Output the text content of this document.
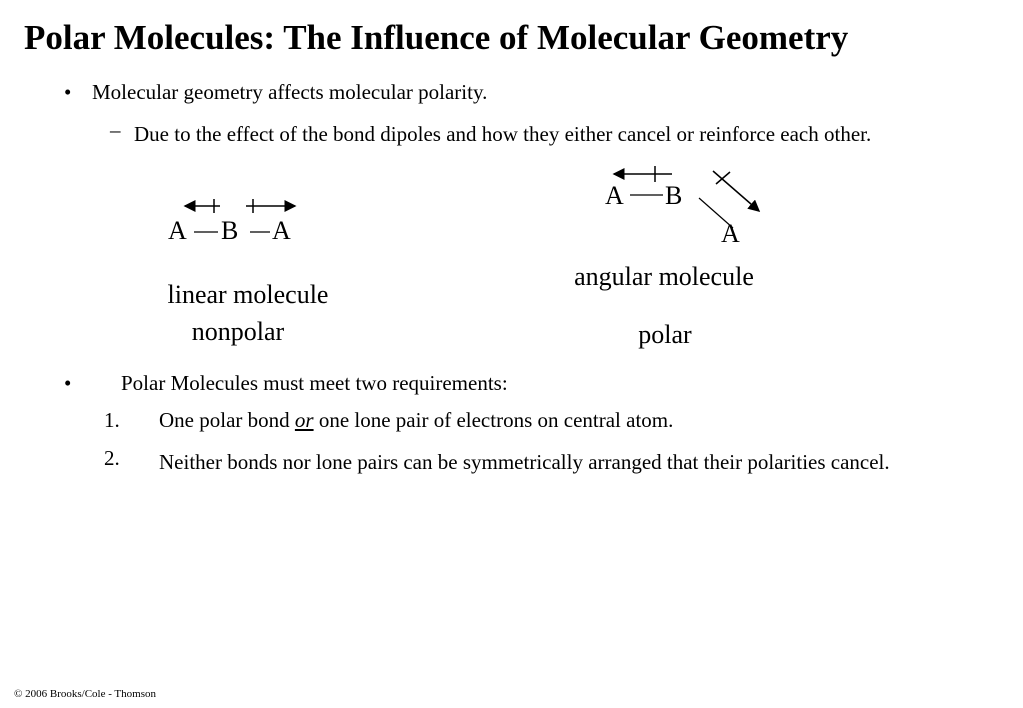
Polar Molecules: The Influence of Molecular Geometry
• Molecular geometry affects molecular polarity.
– Due to the effect of the bond dipoles and how they either cancel or reinforce each other.
A B A
linear molecule
nonpolar
A B
A
angular molecule
polar
• Polar Molecules must meet two requirements:
1. One polar bond or one lone pair of electrons on central atom.
2. Neither bonds nor lone pairs can be symmetrically arranged that their polarities cancel.
© 2006 Brooks/Cole - Thomson
